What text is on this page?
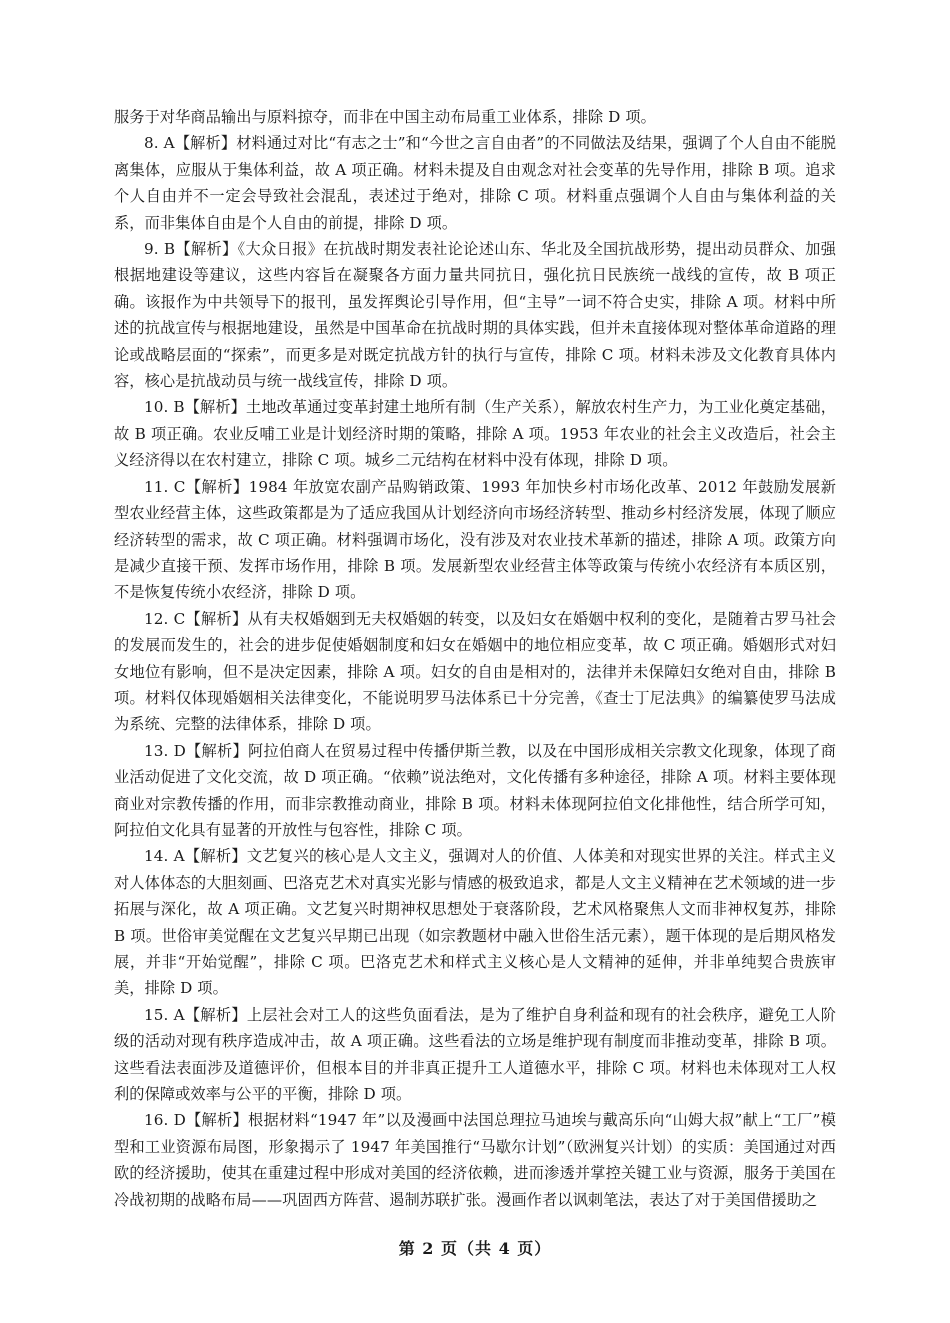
服务于对华商品输出与原料掠夺，而非在中国主动布局重工业体系，排除 D 项。

8. A【解析】材料通过对比“有志之士”和“今世之言自由者”的不同做法及结果，强调了个人自由不能脱离集体，应服从于集体利益，故 A 项正确。材料未提及自由观念对社会变革的先导作用，排除 B 项。追求个人自由并不一定会导致社会混乱，表述过于绝对，排除 C 项。材料重点强调个人自由与集体利益的关系，而非集体自由是个人自由的前提，排除 D 项。

9. B【解析】《大众日报》在抗战时期发表社论论述山东、华北及全国抗战形势，提出动员群众、加强根据地建设等建议，这些内容旨在凝聚各方面力量共同抗日，强化抗日民族统一战线的宣传，故 B 项正确。该报作为中共领导下的报刊，虽发挥舆论引导作用，但“主导”一词不符合史实，排除 A 项。材料中所述的抗战宣传与根据地建设，虽然是中国革命在抗战时期的具体实践，但并未直接体现对整体革命道路的理论或战略层面的“探索”，而更多是对既定抗战方针的执行与宣传，排除 C 项。材料未涉及文化教育具体内容，核心是抗战动员与统一战线宣传，排除 D 项。

10. B【解析】土地改革通过变革封建土地所有制（生产关系），解放农村生产力，为工业化奠定基础，故 B 项正确。农业反哺工业是计划经济时期的策略，排除 A 项。1953 年农业的社会主义改造后，社会主义经济得以在农村建立，排除 C 项。城乡二元结构在材料中没有体现，排除 D 项。

11. C【解析】1984 年放宽农副产品购销政策、1993 年加快乡村市场化改革、2012 年鼓励发展新型农业经营主体，这些政策都是为了适应我国从计划经济向市场经济转型、推动乡村经济发展，体现了顺应经济转型的需求，故 C 项正确。材料强调市场化，没有涉及对农业技术革新的描述，排除 A 项。政策方向是减少直接干预、发挥市场作用，排除 B 项。发展新型农业经营主体等政策与传统小农经济有本质区别，不是恢复传统小农经济，排除 D 项。

12. C【解析】从有夫权婚姻到无夫权婚姻的转变，以及妇女在婚姻中权利的变化，是随着古罗马社会的发展而发生的，社会的进步促使婚姻制度和妇女在婚姻中的地位相应变革，故 C 项正确。婚姻形式对妇女地位有影响，但不是决定因素，排除 A 项。妇女的自由是相对的，法律并未保障妇女绝对自由，排除 B 项。材料仅体现婚姻相关法律变化，不能说明罗马法体系已十分完善，《查士丁尼法典》的编纂使罗马法成为系统、完整的法律体系，排除 D 项。

13. D【解析】阿拉伯商人在贸易过程中传播伊斯兰教，以及在中国形成相关宗教文化现象，体现了商业活动促进了文化交流，故 D 项正确。“依赖”说法绝对，文化传播有多种途径，排除 A 项。材料主要体现商业对宗教传播的作用，而非宗教推动商业，排除 B 项。材料未体现阿拉伯文化排他性，结合所学可知，阿拉伯文化具有显著的开放性与包容性，排除 C 项。

14. A【解析】文艺复兴的核心是人文主义，强调对人的价值、人体美和对现实世界的关注。样式主义对人体体态的大胆刻画、巴洛克艺术对真实光影与情感的极致追求，都是人文主义精神在艺术领域的进一步拓展与深化，故 A 项正确。文艺复兴时期神权思想处于衰落阶段，艺术风格聚焦人文而非神权复苏，排除 B 项。世俗审美觉醒在文艺复兴早期已出现（如宗教题材中融入世俗生活元素），题干体现的是后期风格发展，并非“开始觉醒”，排除 C 项。巴洛克艺术和样式主义核心是人文精神的延伸，并非单纯契合贵族审美，排除 D 项。

15. A【解析】上层社会对工人的这些负面看法，是为了维护自身利益和现有的社会秩序，避免工人阶级的活动对现有秩序造成冲击，故 A 项正确。这些看法的立场是维护现有制度而非推动变革，排除 B 项。这些看法表面涉及道德评价，但根本目的并非真正提升工人道德水平，排除 C 项。材料也未体现对工人权利的保障或效率与公平的平衡，排除 D 项。

16. D【解析】根据材料“1947 年”以及漫画中法国总理拉马迪埃与戴高乐向“山姆大叔”献上“工厂”模型和工业资源布局图，形象揭示了 1947 年美国推行“马歇尔计划”（欧洲复兴计划）的实质：美国通过对西欧的经济援助，使其在重建过程中形成对美国的经济依赖，进而渗透并掌控关键工业与资源，服务于美国在冷战初期的战略布局——巩固西方阵营、遏制苏联扩张。漫画作者以讽刺笔法，表达了对于美国借援助之

第 2 页（共 4 页）
